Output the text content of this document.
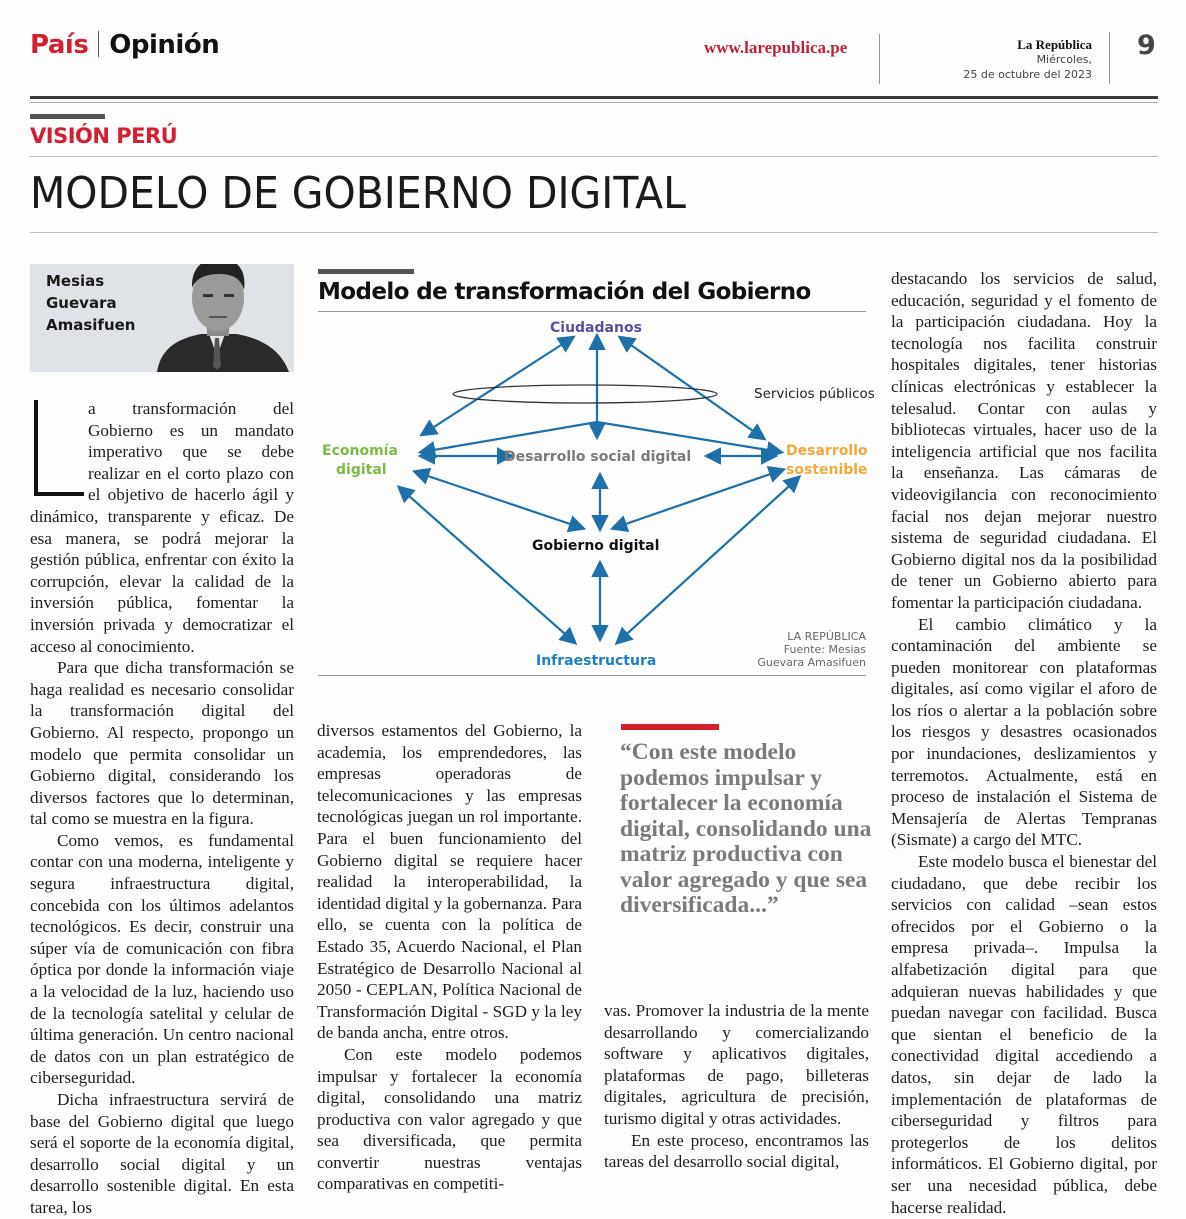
País Opinión	www.larepublica.pe	La República
Miércoles,
25 de octubre del 2023
9
VISIÓN PERÚ
MODELO DE GOBIERNO DIGITAL
Mesias
Guevara
Amasifuen

a transformación del Gobierno es un mandato imperativo que se debe realizar en el corto plazo con el objetivo de hacerlo ágil y dinámico, transparente y eficaz. De esa manera, se podrá mejorar la gestión pública, enfrentar con éxito la corrupción, elevar la calidad de la inversión pública, fomentar la inversión privada y democratizar el acceso al conocimiento.

Para que dicha transformación se haga realidad es necesario consolidar la transformación digital del Gobierno. Al respecto, propongo un modelo que permita consolidar un Gobierno digital, considerando los diversos factores que lo determinan, tal como se muestra en la figura.

Como vemos, es fundamental contar con una moderna, inteligente y segura infraestructura digital, concebida con los últimos adelantos tecnológicos. Es decir, construir una súper vía de comunicación con fibra óptica por donde la información viaje a la velocidad de la luz, haciendo uso de la tecnología satelital y celular de última generación. Un centro nacional de datos con un plan estratégico de ciberseguridad.

Dicha infraestructura servirá de base del Gobierno digital que luego será el soporte de la economía digital, desarrollo social digital y un desarrollo sostenible digital. En esta tarea, los

Modelo de transformación del Gobierno
Ciudadanos
Servicios públicos
Economía
digital
Desarrollo social digital	Desarrollo
sostenible
Gobierno digital
Infraestructura
LA REPÚBLICA
Fuente: Mesias
Guevara Amasifuen

diversos estamentos del Gobierno, la academia, los emprendedores, las empresas operadoras de telecomunicaciones y las empresas tecnológicas juegan un rol importante. Para el buen funcionamiento del Gobierno digital se requiere hacer realidad la interoperabilidad, la identidad digital y la gobernanza. Para ello, se cuenta con la política de Estado 35, Acuerdo Nacional, el Plan Estratégico de Desarrollo Nacional al 2050 - CEPLAN, Política Nacional de Transformación Digital - SGD y la ley de banda ancha, entre otros.

Con este modelo podemos impulsar y fortalecer la economía digital, consolidando una matriz productiva con valor agregado y que sea diversificada, que permita convertir nuestras ventajas comparativas en competiti-

“Con este modelo podemos impulsar y fortalecer la economía digital, consolidando una matriz productiva con valor agregado y que sea diversificada...”

vas. Promover la industria de la mente desarrollando y comercializando software y aplicativos digitales, plataformas de pago, billeteras digitales, agricultura de precisión, turismo digital y otras actividades.

En este proceso, encontramos las tareas del desarrollo social digital,

destacando los servicios de salud, educación, seguridad y el fomento de la participación ciudadana. Hoy la tecnología nos facilita construir hospitales digitales, tener historias clínicas electrónicas y establecer la telesalud. Contar con aulas y bibliotecas virtuales, hacer uso de la inteligencia artificial que nos facilita la enseñanza. Las cámaras de videovigilancia con reconocimiento facial nos dejan mejorar nuestro sistema de seguridad ciudadana. El Gobierno digital nos da la posibilidad de tener un Gobierno abierto para fomentar la participación ciudadana.

El cambio climático y la contaminación del ambiente se pueden monitorear con plataformas digitales, así como vigilar el aforo de los ríos o alertar a la población sobre los riesgos y desastres ocasionados por inundaciones, deslizamientos y terremotos. Actualmente, está en proceso de instalación el Sistema de Mensajería de Alertas Tempranas (Sismate) a cargo del MTC.

Este modelo busca el bienestar del ciudadano, que debe recibir los servicios con calidad –sean estos ofrecidos por el Gobierno o la empresa privada–. Impulsa la alfabetización digital para que adquieran nuevas habilidades y que puedan navegar con facilidad. Busca que sientan el beneficio de la conectividad digital accediendo a datos, sin dejar de lado la implementación de plataformas de ciberseguridad y filtros para protegerlos de los delitos informáticos. El Gobierno digital, por ser una necesidad pública, debe hacerse realidad.
